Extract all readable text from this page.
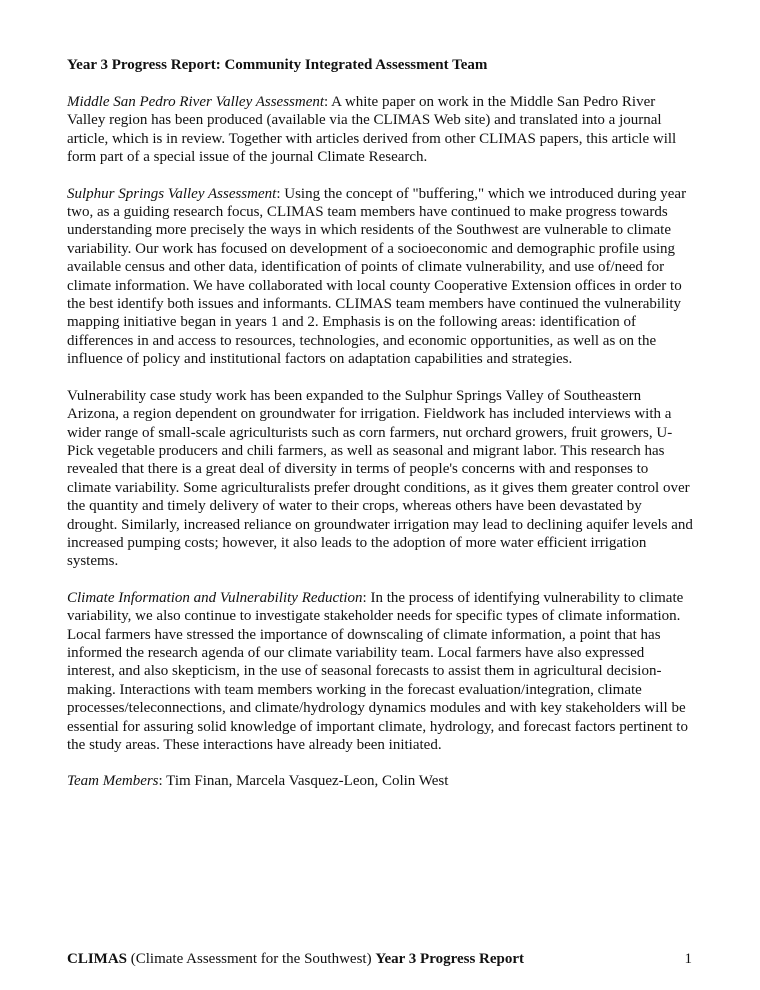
Year 3 Progress Report: Community Integrated Assessment Team

Middle San Pedro River Valley Assessment: A white paper on work in the Middle San Pedro River Valley region has been produced (available via the CLIMAS Web site) and translated into a journal article, which is in review. Together with articles derived from other CLIMAS papers, this article will form part of a special issue of the journal Climate Research.

Sulphur Springs Valley Assessment: Using the concept of "buffering," which we introduced during year two, as a guiding research focus, CLIMAS team members have continued to make progress towards understanding more precisely the ways in which residents of the Southwest are vulnerable to climate variability. Our work has focused on development of a socioeconomic and demographic profile using available census and other data, identification of points of climate vulnerability, and use of/need for climate information. We have collaborated with local county Cooperative Extension offices in order to the best identify both issues and informants. CLIMAS team members have continued the vulnerability mapping initiative began in years 1 and 2. Emphasis is on the following areas: identification of differences in and access to resources, technologies, and economic opportunities, as well as on the influence of policy and institutional factors on adaptation capabilities and strategies.

Vulnerability case study work has been expanded to the Sulphur Springs Valley of Southeastern Arizona, a region dependent on groundwater for irrigation. Fieldwork has included interviews with a wider range of small-scale agriculturists such as corn farmers, nut orchard growers, fruit growers, U-Pick vegetable producers and chili farmers, as well as seasonal and migrant labor. This research has revealed that there is a great deal of diversity in terms of people's concerns with and responses to climate variability. Some agriculturalists prefer drought conditions, as it gives them greater control over the quantity and timely delivery of water to their crops, whereas others have been devastated by drought. Similarly, increased reliance on groundwater irrigation may lead to declining aquifer levels and increased pumping costs; however, it also leads to the adoption of more water efficient irrigation systems.

Climate Information and Vulnerability Reduction: In the process of identifying vulnerability to climate variability, we also continue to investigate stakeholder needs for specific types of climate information. Local farmers have stressed the importance of downscaling of climate information, a point that has informed the research agenda of our climate variability team. Local farmers have also expressed interest, and also skepticism, in the use of seasonal forecasts to assist them in agricultural decision-making. Interactions with team members working in the forecast evaluation/integration, climate processes/teleconnections, and climate/hydrology dynamics modules and with key stakeholders will be essential for assuring solid knowledge of important climate, hydrology, and forecast factors pertinent to the study areas. These interactions have already been initiated.

Team Members: Tim Finan, Marcela Vasquez-Leon, Colin West

CLIMAS (Climate Assessment for the Southwest) Year 3 Progress Report	1
